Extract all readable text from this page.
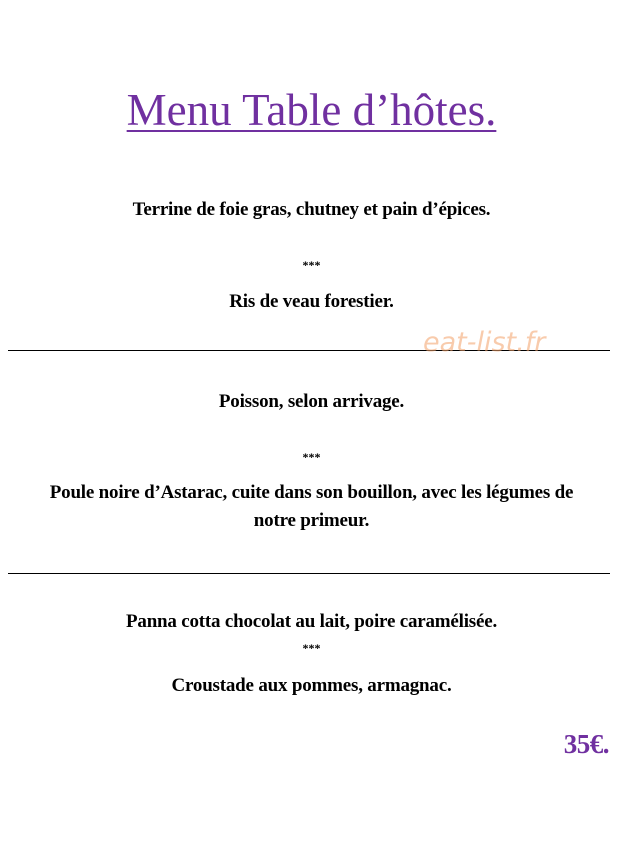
Menu Table d’hôtes.
Terrine de foie gras, chutney et pain d’épices.
***
Ris de veau forestier.
eat-list.fr
Poisson, selon arrivage.
***
Poule noire d’Astarac, cuite dans son bouillon, avec les légumes de notre primeur.
Panna cotta chocolat au lait, poire caramélisée.
***
Croustade aux pommes, armagnac.
35€.
